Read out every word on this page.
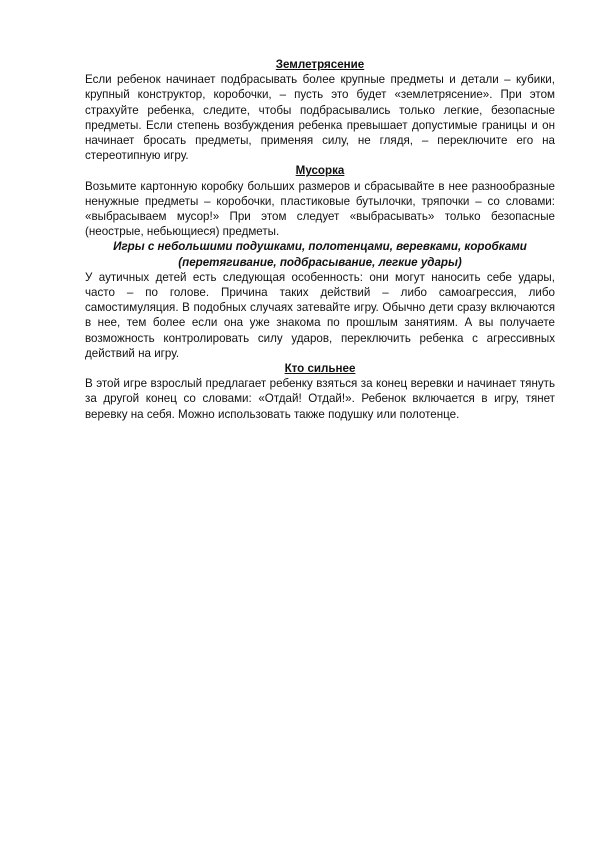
Землетрясение

Если ребенок начинает подбрасывать более крупные предметы и детали – кубики, крупный конструктор, коробочки, – пусть это будет «землетрясение». При этом страхуйте ребенка, следите, чтобы подбрасывались только легкие, безопасные предметы. Если степень возбуждения ребенка превышает допустимые границы и он начинает бросать предметы, применяя силу, не глядя, – переключите его на стереотипную игру.

Мусорка

Возьмите картонную коробку больших размеров и сбрасывайте в нее разнообразные ненужные предметы – коробочки, пластиковые бутылочки, тряпочки – со словами: «выбрасываем мусор!» При этом следует «выбрасывать» только безопасные (неострые, небьющиеся) предметы.

Игры с небольшими подушками, полотенцами, веревками, коробками

(перетягивание, подбрасывание, легкие удары)

У аутичных детей есть следующая особенность: они могут наносить себе удары, часто – по голове. Причина таких действий – либо самоагрессия, либо самостимуляция. В подобных случаях затевайте игру. Обычно дети сразу включаются в нее, тем более если она уже знакома по прошлым занятиям. А вы получаете возможность контролировать силу ударов, переключить ребенка с агрессивных действий на игру.

Кто сильнее

В этой игре взрослый предлагает ребенку взяться за конец веревки и начинает тянуть за другой конец со словами: «Отдай! Отдай!». Ребенок включается в игру, тянет веревку на себя. Можно использовать также подушку или полотенце.
